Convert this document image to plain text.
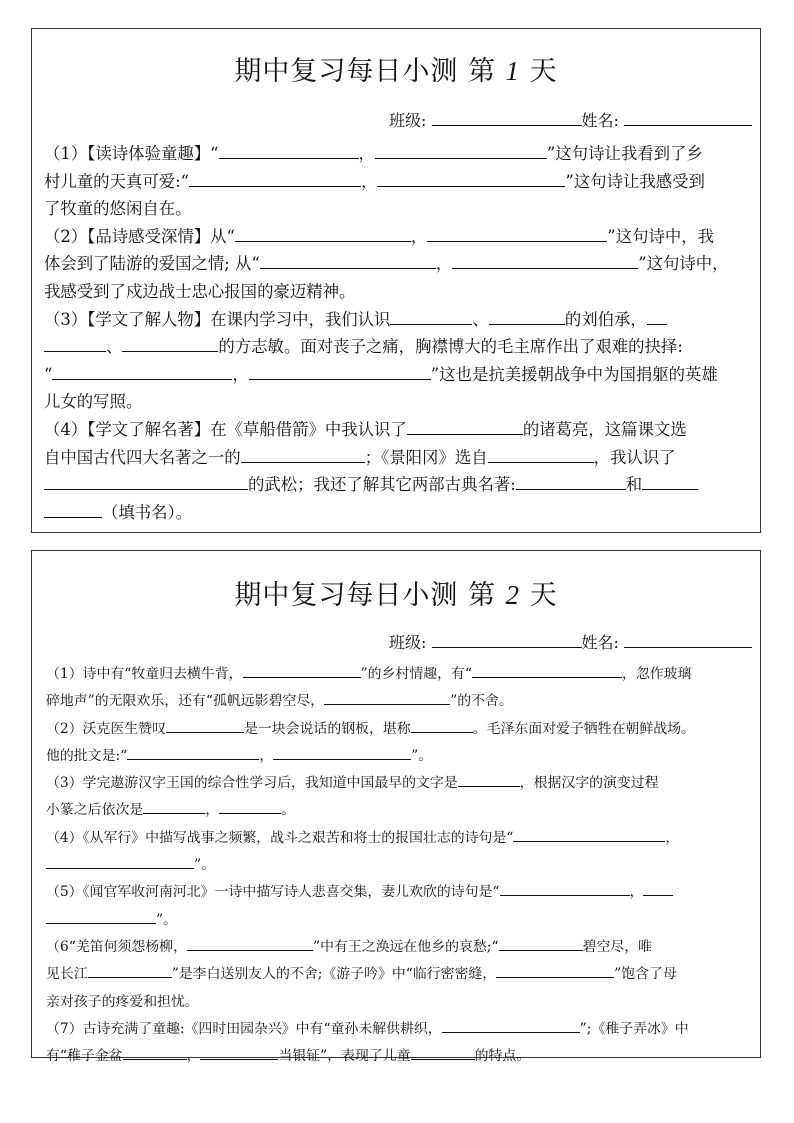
期中复习每日小测 第 1 天
班级:	姓名:
（1）【读诗体验童趣】“	，	”这句诗让我看到了乡
村儿童的天真可爱:“	，	”这句诗让我感受到
了牧童的悠闲自在。
（2）【品诗感受深情】从“	，	”这句诗中，我
体会到了陆游的爱国之情; 从“	，	”这句诗中，
我感受到了戍边战士忠心报国的豪迈精神。
（3）【学文了解人物】在课内学习中，我们认识	、	的刘伯承，
、	的方志敏。面对丧子之痛，胸襟博大的毛主席作出了艰难的抉择:
“	，	”这也是抗美援朝战争中为国捐躯的英雄
儿女的写照。
（4）【学文了解名著】在《草船借箭》中我认识了	的诸葛亮，这篇课文选
自中国古代四大名著之一的	；《景阳冈》选自	，我认识了
的武松；我还了解其它两部古典名著:	和
（填书名）。
期中复习每日小测 第 2 天
班级:	姓名:
（1）诗中有“牧童归去横牛背，	”的乡村情趣，有“	，忽作玻璃
碎地声”的无限欢乐，还有“孤帆远影碧空尽，	”的不舍。
（2）沃克医生赞叹	是一块会说话的钢板，堪称	。毛泽东面对爱子牺牲在朝鲜战场。
他的批文是:“	，	”。
（3）学完遨游汉字王国的综合性学习后，我知道中国最早的文字是	，根据汉字的演变过程
小篆之后依次是	，	。
（4）《从军行》中描写战事之频繁，战斗之艰苦和将士的报国壮志的诗句是“	，
”。
（5）《闻官军收河南河北》一诗中描写诗人悲喜交集，妻儿欢欣的诗句是“	，
”。
（6“羌笛何须怨杨柳，	”中有王之涣远在他乡的哀愁;“	碧空尽，唯
见长江	”是李白送别友人的不舍;《游子吟》中“临行密密缝，	”饱含了母
亲对孩子的疼爱和担忧。
（7）古诗充满了童趣:《四时田园杂兴》中有“童孙未解供耕织，	”;《稚子弄冰》中
有“稚子金盆	，	当银钲”，表现了儿童	的特点。
